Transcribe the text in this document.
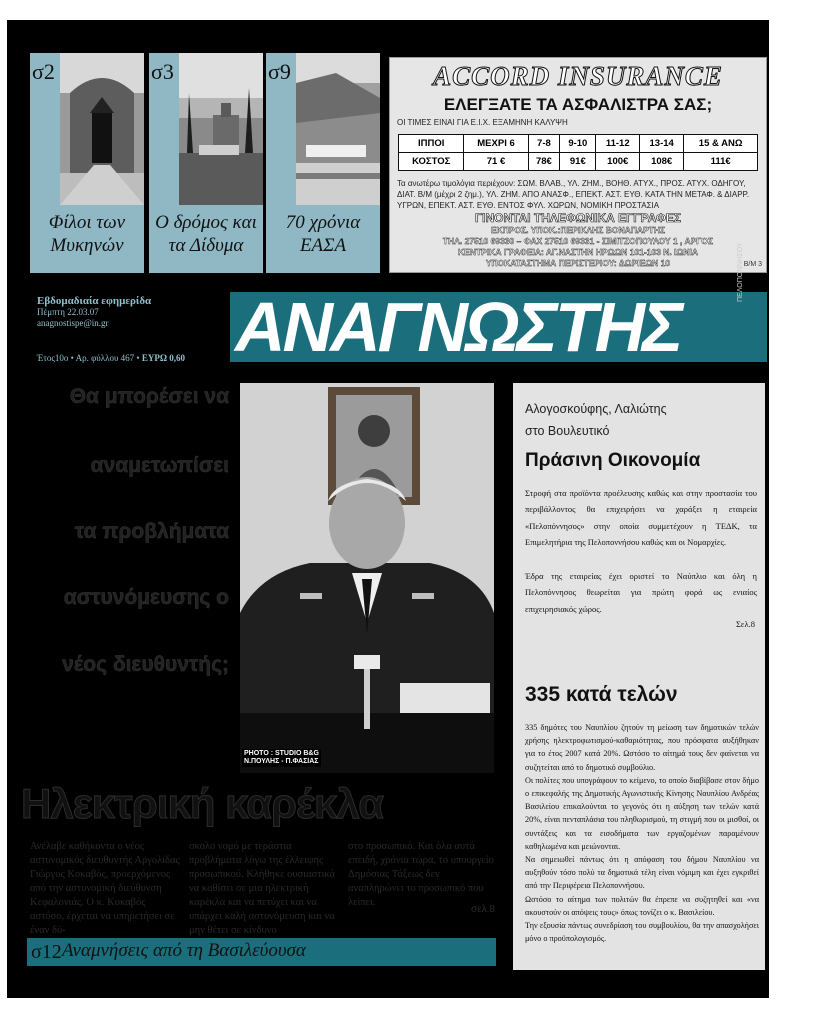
σ2
Φίλοι των Μυκηνών
σ3
Ο δρόμος και τα Δίδυμα
σ9
70 χρόνια ΕΑΣΑ
ACCORD INSURANCE
ΕΛΕΓΞΑΤΕ ΤΑ ΑΣΦΑΛΙΣΤΡΑ ΣΑΣ;
ΟΙ ΤΙΜΕΣ ΕΙΝΑΙ ΓΙΑ Ε.Ι.Χ. ΕΞΑΜΗΝΗ ΚΑΛΥΨΗ
ΙΠΠΟΙ	ΜΕΧΡΙ 6	7-8	9-10	11-12	13-14	15 & ΑΝΩ
ΚΟΣΤΟΣ	71 €	78€	91€	100€	108€	111€
Τα ανωτέρω τιμολόγια περιέχουν: ΣΩΜ. ΒΛΑΒ., ΥΛ. ΖΗΜ., ΒΟΗΘ. ΑΤΥΧ., ΠΡΟΣ. ΑΤΥΧ. ΟΔΗΓΟΥ, ΔΙΑΤ. Β/Μ (μέχρι 2 ζημ.), ΥΛ. ΖΗΜ. ΑΠΟ ΑΝΑΣΦ., ΕΠΕΚΤ. ΑΣΤ. ΕΥΘ. ΚΑΤΑ ΤΗΝ ΜΕΤΑΦ. & ΔΙΑΡΡ. ΥΓΡΩΝ, ΕΠΕΚΤ. ΑΣΤ. ΕΥΘ. ΕΝΤΟΣ ΦΥΛ. ΧΩΡΩΝ, ΝΟΜΙΚΗ ΠΡΟΣΤΑΣΙΑ
ΓΙΝΟΝΤΑΙ ΤΗΛΕΦΩΝΙΚΑ ΕΓΓΡΑΦΕΣ
ΕΚΠΡΟΣ. ΥΠΟΚ.:ΠΕΡΙΚΛΗΣ ΒΟΝΑΠΑΡΤΗΣ
ΤΗΛ. 27510 69330 – ΦΑΧ 27510 69331 - ΣΙΜΙΤΖΟΠΟΥΛΟΥ 1 , ΑΡΓΟΣ
ΚΕΝΤΡΙΚΑ ΓΡΑΦΕΙΑ: ΑΓ.ΝΑΣΤΗΝ ΗΡΩΩΝ 101-103 Ν. ΙΩΝΙΑ
ΥΠΟΚΑΤΑΣΤΗΜΑ ΠΕΡΙΣΤΕΡΙΟΥ: ΔΩΡΙΕΩΝ 10	Β/Μ 3
Εβδομαδιαία εφημερίδα
Πέμπτη 22.03.07
anagnostispe@in.gr
Έτος10ο • Αρ. φύλλου 467 • ΕΥΡΩ 0,60 ΑΝΑΓΝΩΣΤΗΣ
ΠΕΛΟΠΟΝΝΗΣΟΥ
Θα μπορέσει να
αναμετωπίσει
τα προβλήματα
αστυνόμευσης ο
νέος διευθυντής;
PHOTO : STUDIO B&G
Ν.ΠΟΥΛΗΣ - Π.ΦΑΣΙΑΣ
Ηλεκτρική καρέκλα
Ανέλαβε καθήκοντα ο νέος αστυνομικός διευθυντής Αργολίδας Γιώργος Κοκαβός, προερχόμενος από την αστυνομική διεύθυνση Κεφαλονιάς. Ο κ. Κοκαβός αστόσο, έρχεται να υπηρετήσει σε έναν δύ-
σκολο νομό με τεράστια προβλήματα λόγω της έλλειψης προσωπικού. Κλήθηκε ουσιαστικά να καθίσει σε μια ηλεκτρική καρέκλα και να πετύχει και να υπάρχει καλή αστυνόμευση και να μην θέτει σε κίνδυνο
στο προσωπικό. Και όλα αυτά επειδή, χρόνια τώρα, το υπουργείο Δημόσιας Τάξεως δεν αναπληρώνει το προσωπικό που λείπει.
σελ.8
σ12 Αναμνήσεις από τη Βασιλεύουσα
Αλογοσκούφης, Λαλιώτης
στο Βουλευτικό
Πράσινη Οικονομία
Στροφή στα προϊόντα προέλευσης καθώς και στην προστασία του περιβάλλοντος θα επιχειρήσει να χαράξει η εταιρεία «Πελοπόννησος» στην οποία συμμετέχουν η ΤΕΔΚ, τα Επιμελητήρια της Πελοποννήσου καθώς και οι Νομαρχίες.
Έδρα της εταιρείας έχει οριστεί το Ναύπλιο και όλη η Πελοπόννησος θεωρείται για πρώτη φορά ως ενιαίος επιχειρησιακός χώρος.
Σελ.8
335 κατά τελών
335 δημότες του Ναυπλίου ζητούν τη μείωση των δημοτικών τελών χρήσης ηλεκτροφωτισμού-καθαριότητας, που πρόσφατα αυξήθηκαν για το έτος 2007 κατά 20%. Ωστόσο το αίτημά τους δεν φαίνεται να συζητείται από το δημοτικό συμβούλιο.
Οι πολίτες που υπογράφουν το κείμενο, το οποίο διαβίβασε στον δήμο ο επικεφαλής της Δημοτικής Αγωνιστικής Κίνησης Ναυπλίου Ανδρέας Βασιλείου επικαλούνται το γεγονός ότι η αύξηση των τελών κατά 20%, είναι πενταπλάσια του πληθωρισμού, τη στιγμή που οι μισθοί, οι συντάξεις και τα εισοδήματα των εργαζομένων παραμένουν καθηλωμένα και μειώνονται.
Να σημειωθεί πάντως ότι η απόφαση του δήμου Ναυπλίου να αυξηθούν τόσο πολύ τα δημοτικά τέλη είναι νόμιμη και έχει εγκριθεί από την Περιφέρεια Πελοποννήσου.
Ωστόσο το αίτημα των πολιτών θα έπρεπε να συζητηθεί και «να ακουστούν οι απόψεις τους» όπως τονίζει ο κ. Βασιλείου.
Την εξουσία πάντως συνεδρίαση του συμβουλίου, θα την απασχολήσει μόνο ο προϋπολογισμός.
